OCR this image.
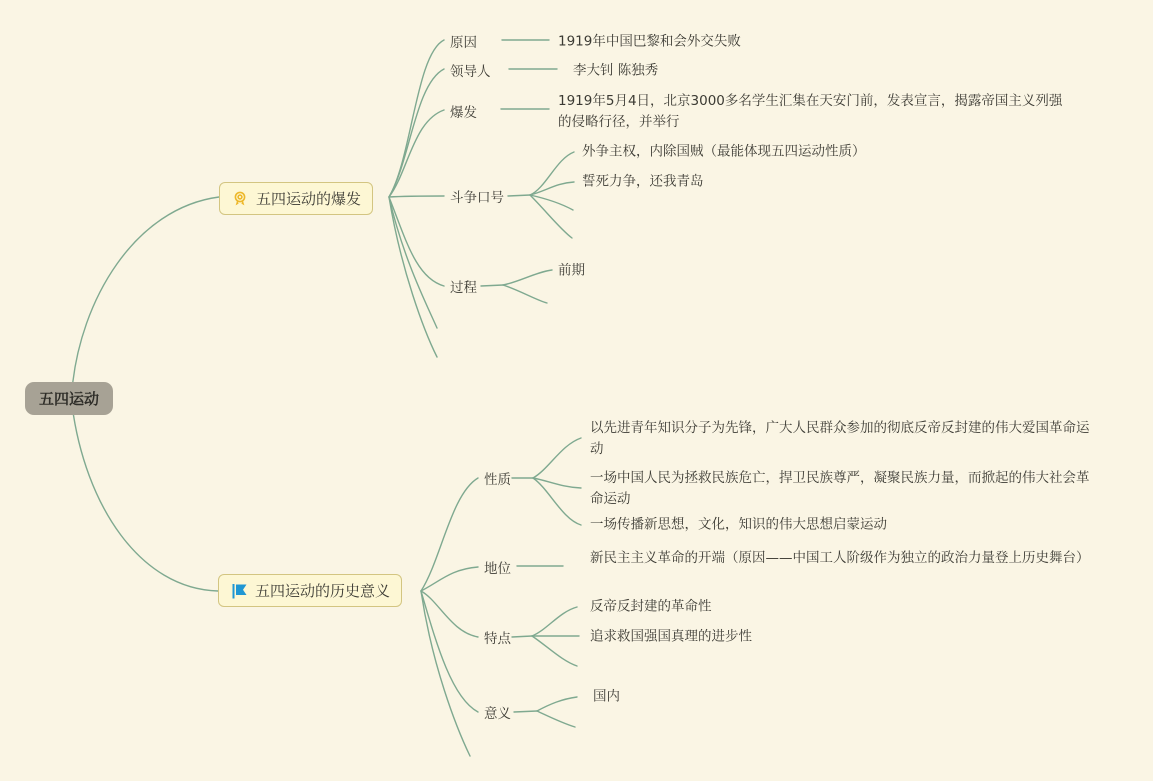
五四运动
五四运动的爆发
五四运动的历史意义
原因
领导人
爆发
斗争口号
过程
1919年中国巴黎和会外交失败
李大钊 陈独秀
1919年5月4日，北京3000多名学生汇集在天安门前，发表宣言，揭露帝国主义列强的侵略行径，并举行
外争主权，内除国贼（最能体现五四运动性质）
誓死力争，还我青岛
前期
性质
地位
特点
意义
以先进青年知识分子为先锋，广大人民群众参加的彻底反帝反封建的伟大爱国革命运动
一场中国人民为拯救民族危亡，捍卫民族尊严，凝聚民族力量，而掀起的伟大社会革命运动
一场传播新思想，文化，知识的伟大思想启蒙运动
新民主主义革命的开端（原因——中国工人阶级作为独立的政治力量登上历史舞台）
反帝反封建的革命性
追求救国强国真理的进步性
国内
